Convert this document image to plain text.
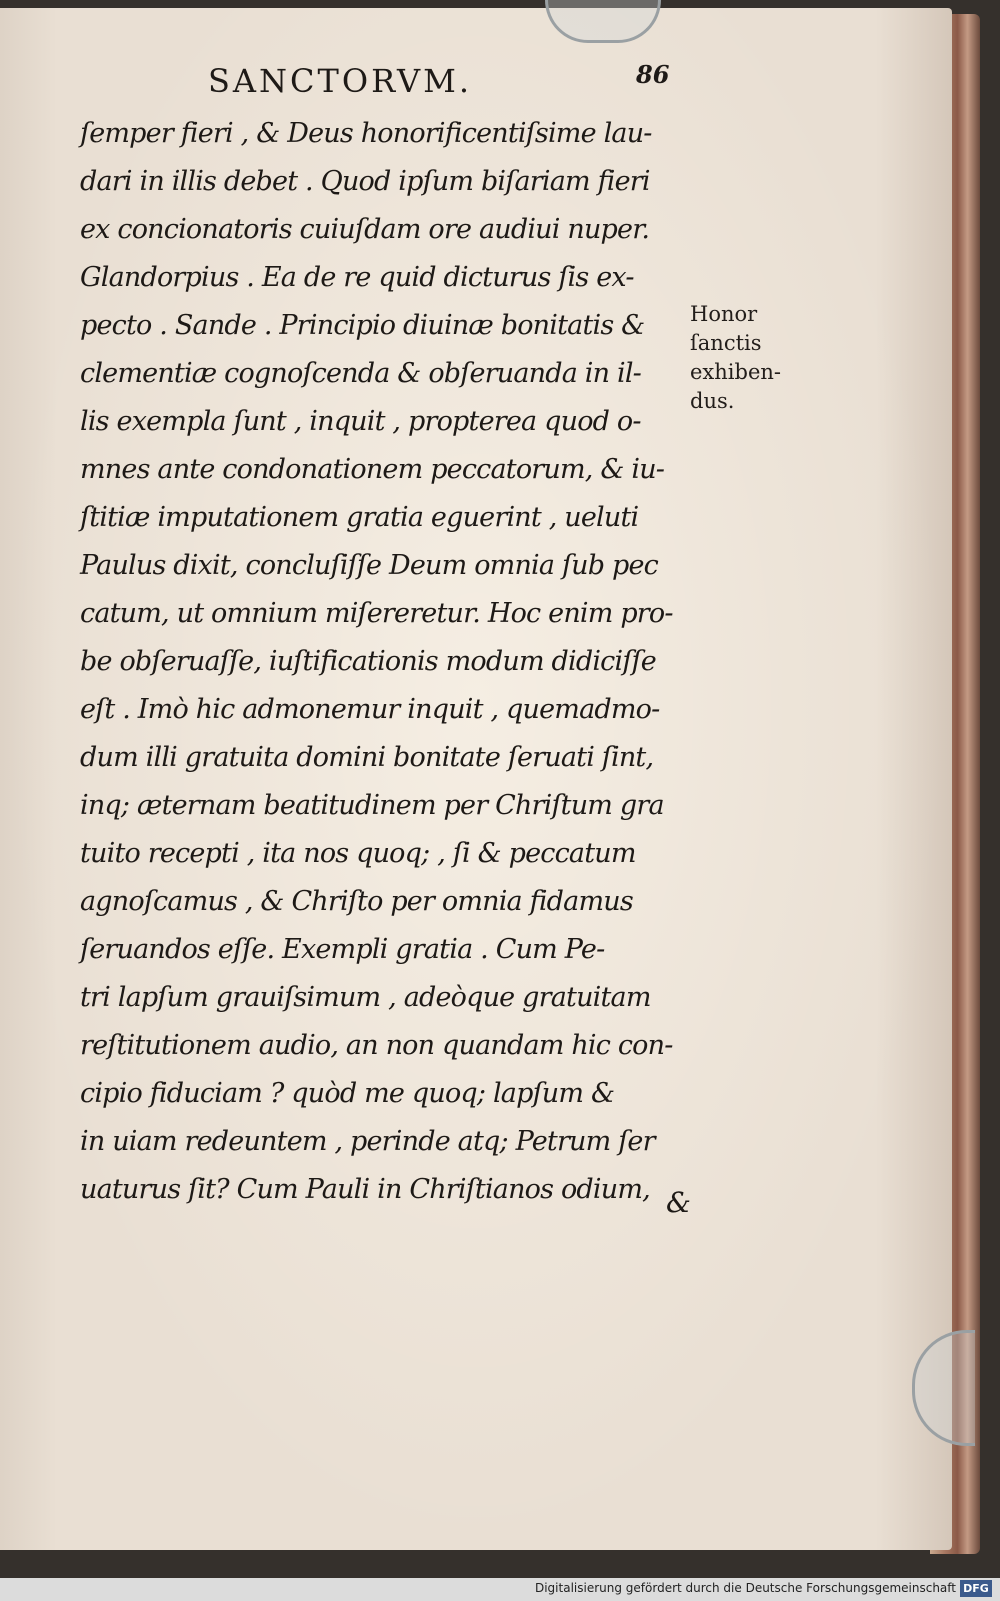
SANCTORVM.	86
ſemper fieri , & Deus honorificentiſsime lau-
dari in illis debet . Quod ipſum biſariam fieri
ex concionatoris cuiuſdam ore audiui nuper.
Glandorpius . Ea de re quid dicturus ſis ex-
pecto . Sande . Principio diuinæ bonitatis &
clementiæ cognoſcenda & obſeruanda in il-
lis exempla ſunt , inquit , propterea quod o-
mnes ante condonationem peccatorum, & iu-
ſtitiæ imputationem gratia eguerint , ueluti
Paulus dixit, concluſiſſe Deum omnia ſub pec
catum, ut omnium miſereretur. Hoc enim pro-
be obſeruaſſe, iuſtificationis modum didiciſſe
eſt . Imò hic admonemur inquit , quemadmo-
dum illi gratuita domini bonitate ſeruati ſint,
inq; æternam beatitudinem per Chriſtum gra
tuito recepti , ita nos quoq; , ſi & peccatum
agnoſcamus , & Chriſto per omnia fidamus
ſeruandos eſſe. Exempli gratia . Cum Pe-
tri lapſum grauiſsimum , adeòque gratuitam
reſtitutionem audio, an non quandam hic con-
cipio fiduciam ? quòd me quoq; lapſum &
in uiam redeuntem , perinde atq; Petrum ſer
uaturus ſit? Cum Pauli in Chriſtianos odium,
Honor
ſanctis
exhiben-
dus.
&
Digitalisierung gefördert durch die Deutsche Forschungsgemeinschaft DFG
